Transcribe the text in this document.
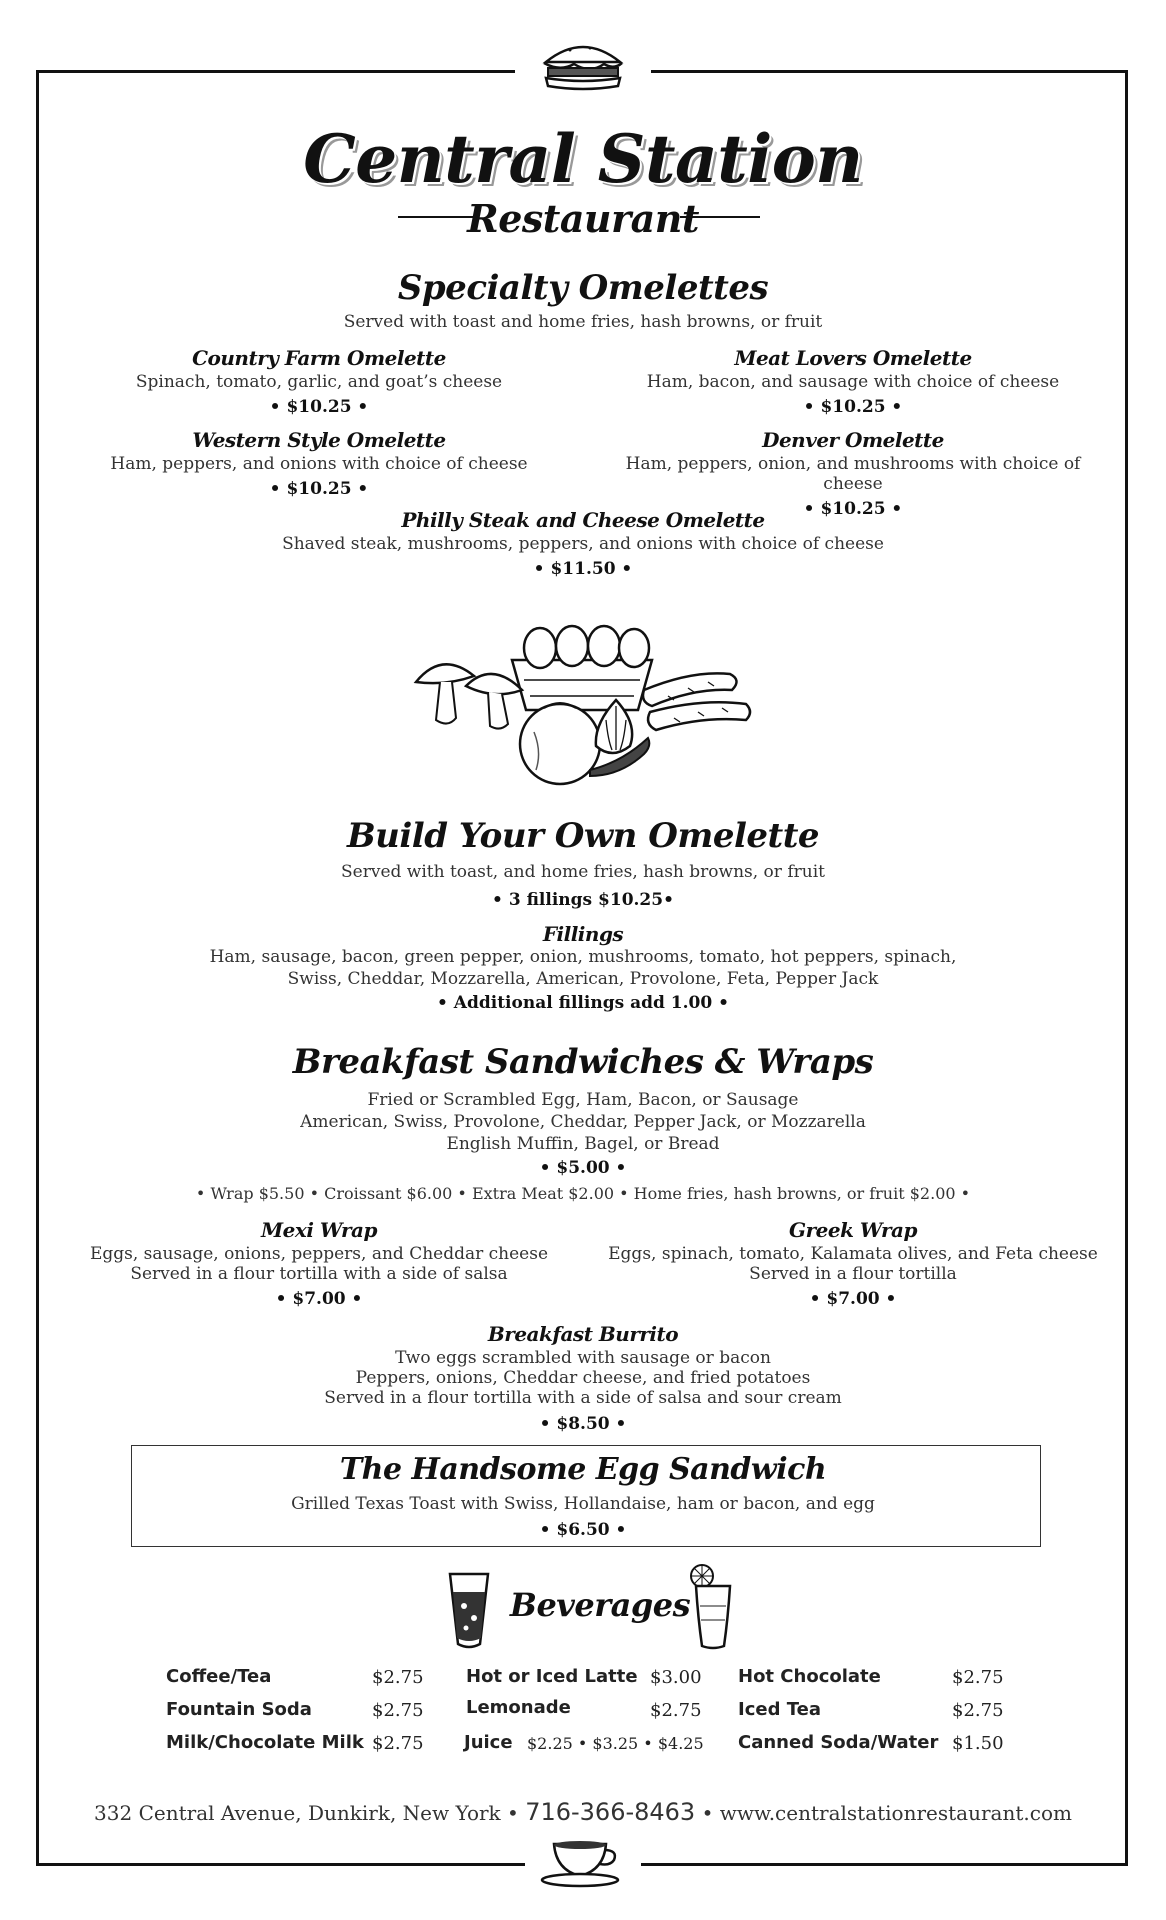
Central Station
Restaurant
Specialty Omelettes
Served with toast and home fries, hash browns, or fruit
Country Farm Omelette
Spinach, tomato, garlic, and goat’s cheese
• $10.25 •
Meat Lovers Omelette
Ham, bacon, and sausage with choice of cheese
• $10.25 •
Western Style Omelette
Ham, peppers, and onions with choice of cheese
• $10.25 •
Denver Omelette
Ham, peppers, onion, and mushrooms with choice of cheese
• $10.25 •
Philly Steak and Cheese Omelette
Shaved steak, mushrooms, peppers, and onions with choice of cheese
• $11.50 •
Build Your Own Omelette
Served with toast, and home fries, hash browns, or fruit
• 3 fillings $10.25•
Fillings
Ham, sausage, bacon, green pepper, onion, mushrooms, tomato, hot peppers, spinach,
Swiss, Cheddar, Mozzarella, American, Provolone, Feta, Pepper Jack
• Additional fillings add 1.00 •
Breakfast Sandwiches & Wraps
Fried or Scrambled Egg, Ham, Bacon, or Sausage
American, Swiss, Provolone, Cheddar, Pepper Jack, or Mozzarella
English Muffin, Bagel, or Bread
• $5.00 •
• Wrap $5.50 • Croissant $6.00 • Extra Meat $2.00 • Home fries, hash browns, or fruit $2.00 •
Mexi Wrap
Eggs, sausage, onions, peppers, and Cheddar cheese
Served in a flour tortilla with a side of salsa
• $7.00 •
Greek Wrap
Eggs, spinach, tomato, Kalamata olives, and Feta cheese
Served in a flour tortilla
• $7.00 •
Breakfast Burrito
Two eggs scrambled with sausage or bacon
Peppers, onions, Cheddar cheese, and fried potatoes
Served in a flour tortilla with a side of salsa and sour cream
• $8.50 •
The Handsome Egg Sandwich
Grilled Texas Toast with Swiss, Hollandaise, ham or bacon, and egg
• $6.50 •
Beverages
Coffee/Tea	$2.75
Fountain Soda	$2.75
Milk/Chocolate Milk $2.75
Hot or Iced Latte $3.00
Lemonade	$2.75
Juice $2.25 • $3.25 • $4.25
Hot Chocolate	$2.75
Iced Tea	$2.75
Canned Soda/Water $1.50
332 Central Avenue, Dunkirk, New York • 716-366-8463 • www.centralstationrestaurant.com
